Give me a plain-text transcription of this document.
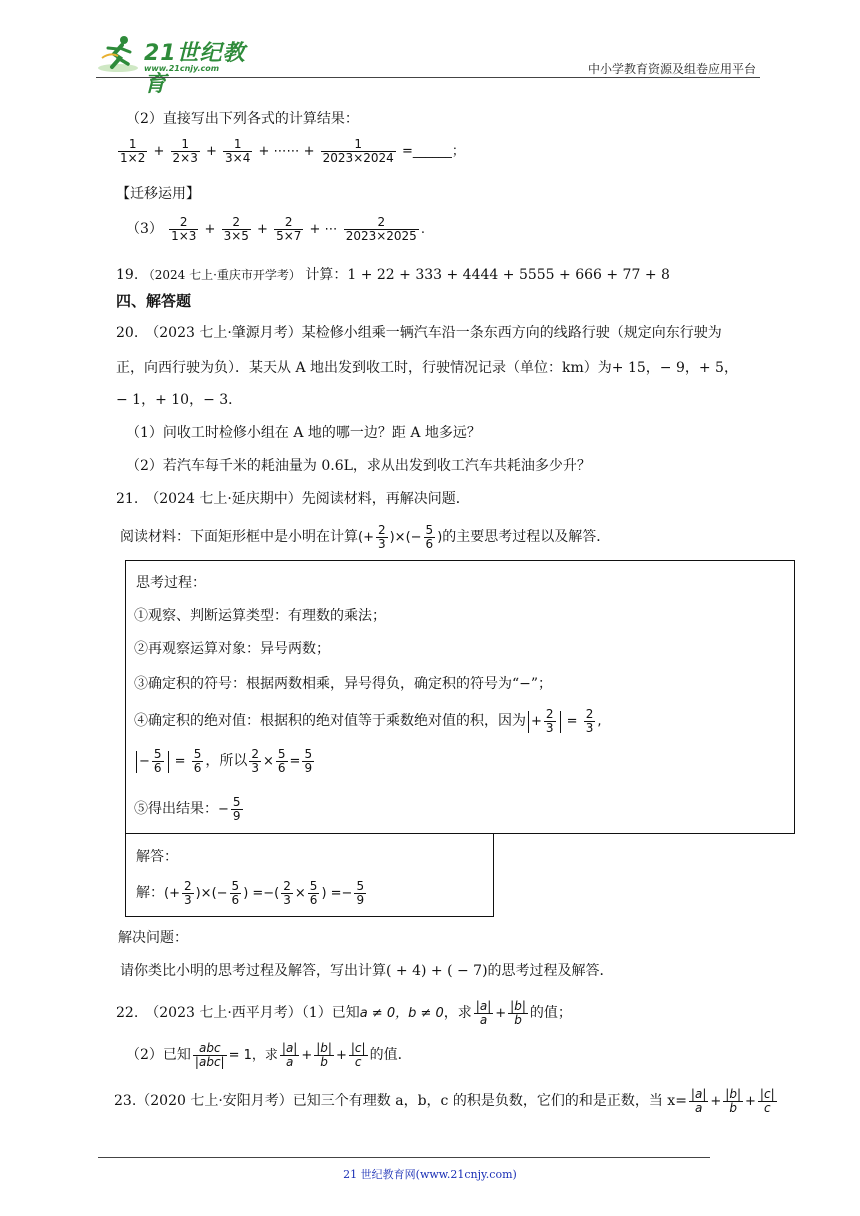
21世纪教育
www.21cnjy.com	中小学教育资源及组卷应用平台
（2）直接写出下列各式的计算结果：
$\frac{1}{1\times 2} + \frac{1}{2\times 3} + \frac{1}{3\times 4}$ + ⋯⋯ + $\frac{1}{2023\times 2024}$ =______；
【迁移运用】
$(3) \frac{2}{1\times 3} + \frac{2}{3\times 5} + \frac{2}{5\times 7}$ + ⋯ $\frac{2}{2023\times 2025}$ .
19. （2024 七上·重庆市开学考） 计算：1 + 22 + 333 + 4444 + 5555 + 666 + 77 + 8
四、解答题
20.　（2023 七上·肇源月考）某检修小组乘一辆汽车沿一条东西方向的线路行驶（规定向东行驶为
正，向西行驶为负）．某天从 A 地出发到收工时，行驶情况记录（单位：km）为+ 15，− 9，+ 5，
− 1，+ 10，− 3．
（1）问收工时检修小组在 A 地的哪一边？距 A 地多远？
（2）若汽车每千米的耗油量为 0.6L，求从出发到收工汽车共耗油多少升？
21.　（2024 七上·延庆期中）先阅读材料，再解决问题．
阅读材料：下面矩形框中是小明在计算(+ $\frac{2}{3}$ )×(− $\frac{5}{6}$ )的主要思考过程以及解答．
思考过程：
①观察、判断运算类型：有理数的乘法；
②再观察运算对象：异号两数；
③确定积的符号：根据两数相乘，异号得负，确定积的符号为“−”；
④确定积的绝对值：根据积的绝对值等于乘数绝对值的积，因为 + $\frac{2}{3} = \frac{2}{3}$ ,
− $\frac{5}{6} = \frac{5}{6}$ ，所以 $\frac{2}{3} \times \frac{5}{6} = \frac{5}{9}$
⑤得出结果：− $\frac{5}{9}$
解答：
解：(+ $\frac{2}{3}$ )×(− $\frac{5}{6}$ ) =−( $\frac{2}{3} \times \frac{5}{6}$ ) =− $\frac{5}{9}$
解决问题：
请你类比小明的思考过程及解答，写出计算( + 4) + ( − 7)的思考过程及解答．
22.　（2023 七上·西平月考）（1）已知a ≠ 0，b ≠ 0，求 $\frac{|a|}{a} + \frac{|b|}{b}$ 的值；
（2）已知 $\frac{\text{abc}}{\text{|abc|}} = 1$，求 $\frac{|a|}{a} + \frac{|b|}{b} + \frac{|c|}{c}$ 的值．
23.（2020 七上·安阳月考）已知三个有理数 a，b，c 的积是负数，它们的和是正数，当 $x= \frac{|a|}{a} + \frac{|b|}{b} + \frac{|c|}{c}$
21 世纪教育网(www.21cnjy.com)
